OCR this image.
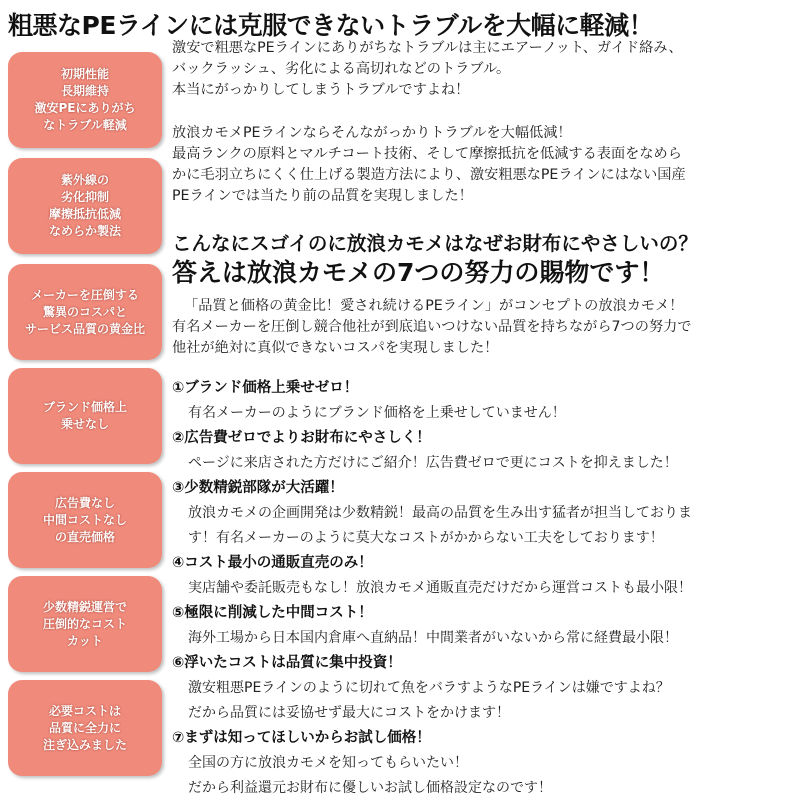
粗悪なPEラインには克服できないトラブルを大幅に軽減！
初期性能
長期維持
激安PEにありがち
なトラブル軽減
紫外線の
劣化抑制
摩擦抵抗低減
なめらか製法
メーカーを圧倒する
驚異のコスパと
サービス品質の黄金比
ブランド価格上
乗せなし
広告費なし
中間コストなし
の直売価格
少数精鋭運営で
圧倒的なコスト
カット
必要コストは
品質に全力に
注ぎ込みました
激安で粗悪なPEラインにありがちなトラブルは主にエアーノット、ガイド絡み、
バックラッシュ、劣化による高切れなどのトラブル。
本当にがっかりしてしまうトラブルですよね！
放浪カモメPEラインならそんながっかりトラブルを大幅低減！
最高ランクの原料とマルチコート技術、そして摩擦抵抗を低減する表面をなめら
かに毛羽立ちにくく仕上げる製造方法により、激安粗悪なPEラインにはない国産
PEラインでは当たり前の品質を実現しました！
こんなにスゴイのに放浪カモメはなぜお財布にやさしいの？
答えは放浪カモメの7つの努力の賜物です！
「品質と価格の黄金比！愛され続けるPEライン」がコンセプトの放浪カモメ！
有名メーカーを圧倒し競合他社が到底追いつけない品質を持ちながら7つの努力で
他社が絶対に真似できないコスパを実現しました！
①ブランド価格上乗せゼロ！
有名メーカーのようにブランド価格を上乗せしていません！
②広告費ゼロでよりお財布にやさしく！
ページに来店された方だけにご紹介！広告費ゼロで更にコストを抑えました！
③少数精鋭部隊が大活躍！
放浪カモメの企画開発は少数精鋭！最高の品質を生み出す猛者が担当しておりま
す！有名メーカーのように莫大なコストがかからない工夫をしております！
④コスト最小の通販直売のみ！
実店舗や委託販売もなし！放浪カモメ通販直売だけだから運営コストも最小限！
⑤極限に削減した中間コスト！
海外工場から日本国内倉庫へ直納品！中間業者がいないから常に経費最小限！
⑥浮いたコストは品質に集中投資！
激安粗悪PEラインのように切れて魚をバラすようなPEラインは嫌ですよね？
だから品質には妥協せず最大にコストをかけます！
⑦まずは知ってほしいからお試し価格！
全国の方に放浪カモメを知ってもらいたい！
だから利益還元お財布に優しいお試し価格設定なのです！
